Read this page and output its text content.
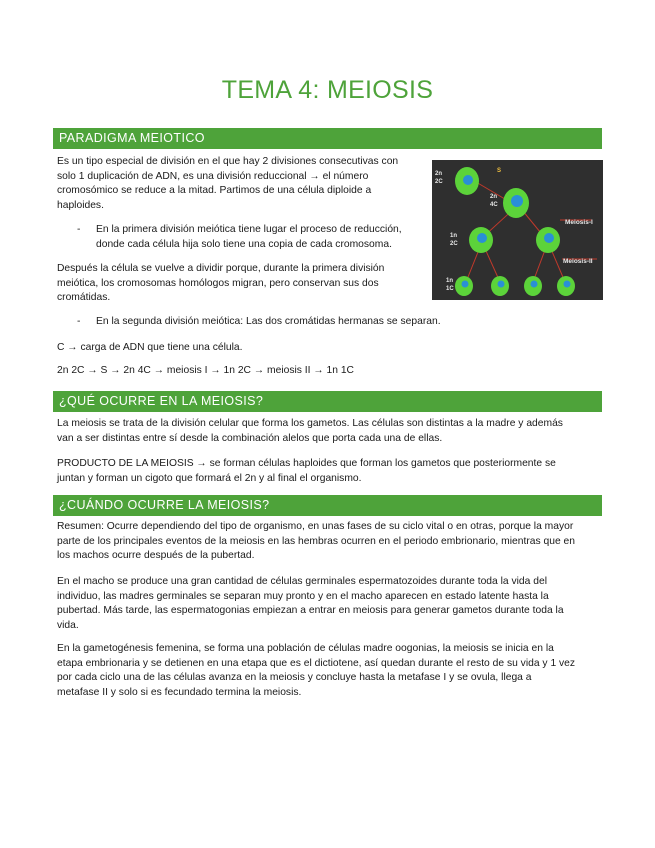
TEMA 4: MEIOSIS
PARADIGMA MEIOTICO
Es un tipo especial de división en el que hay 2 divisiones consecutivas con
solo 1 duplicación de ADN, es una división reduccional → el número
cromosómico se reduce a la mitad. Partimos de una célula diploide a
haploides.
- En la primera división meiótica tiene lugar el proceso de reducción,
donde cada célula hija solo tiene una copia de cada cromosoma.
Después la célula se vuelve a dividir porque, durante la primera división
meiótica, los cromosomas homólogos migran, pero conservan sus dos
cromátidas.
- En la segunda división meiótica: Las dos cromátidas hermanas se separan.
C → carga de ADN que tiene una célula.
2n 2C → S → 2n 4C → meiosis I → 1n 2C → meiosis II → 1n 1C
2n
2C
S
2n
4C
1n
2C
1n
1C
Meiosis-I
Meiosis-II
¿QUÉ OCURRE EN LA MEIOSIS?
La meiosis se trata de la división celular que forma los gametos. Las células son distintas a la madre y además
van a ser distintas entre sí desde la combinación alelos que porta cada una de ellas.
PRODUCTO DE LA MEIOSIS → se forman células haploides que forman los gametos que posteriormente se
juntan y forman un cigoto que formará el 2n y al final el organismo.
¿CUÁNDO OCURRE LA MEIOSIS?
Resumen: Ocurre dependiendo del tipo de organismo, en unas fases de su ciclo vital o en otras, porque la mayor
parte de los principales eventos de la meiosis en las hembras ocurren en el periodo embrionario, mientras que en
los machos ocurre después de la pubertad.
En el macho se produce una gran cantidad de células germinales espermatozoides durante toda la vida del
individuo, las madres germinales se separan muy pronto y en el macho aparecen en estado latente hasta la
pubertad. Más tarde, las espermatogonias empiezan a entrar en meiosis para generar gametos durante toda la
vida.
En la gametogénesis femenina, se forma una población de células madre oogonias, la meiosis se inicia en la
etapa embrionaria y se detienen en una etapa que es el dictiotene, así quedan durante el resto de su vida y 1 vez
por cada ciclo una de las células avanza en la meiosis y concluye hasta la metafase I y se ovula, llega a
metafase II y solo si es fecundado termina la meiosis.
